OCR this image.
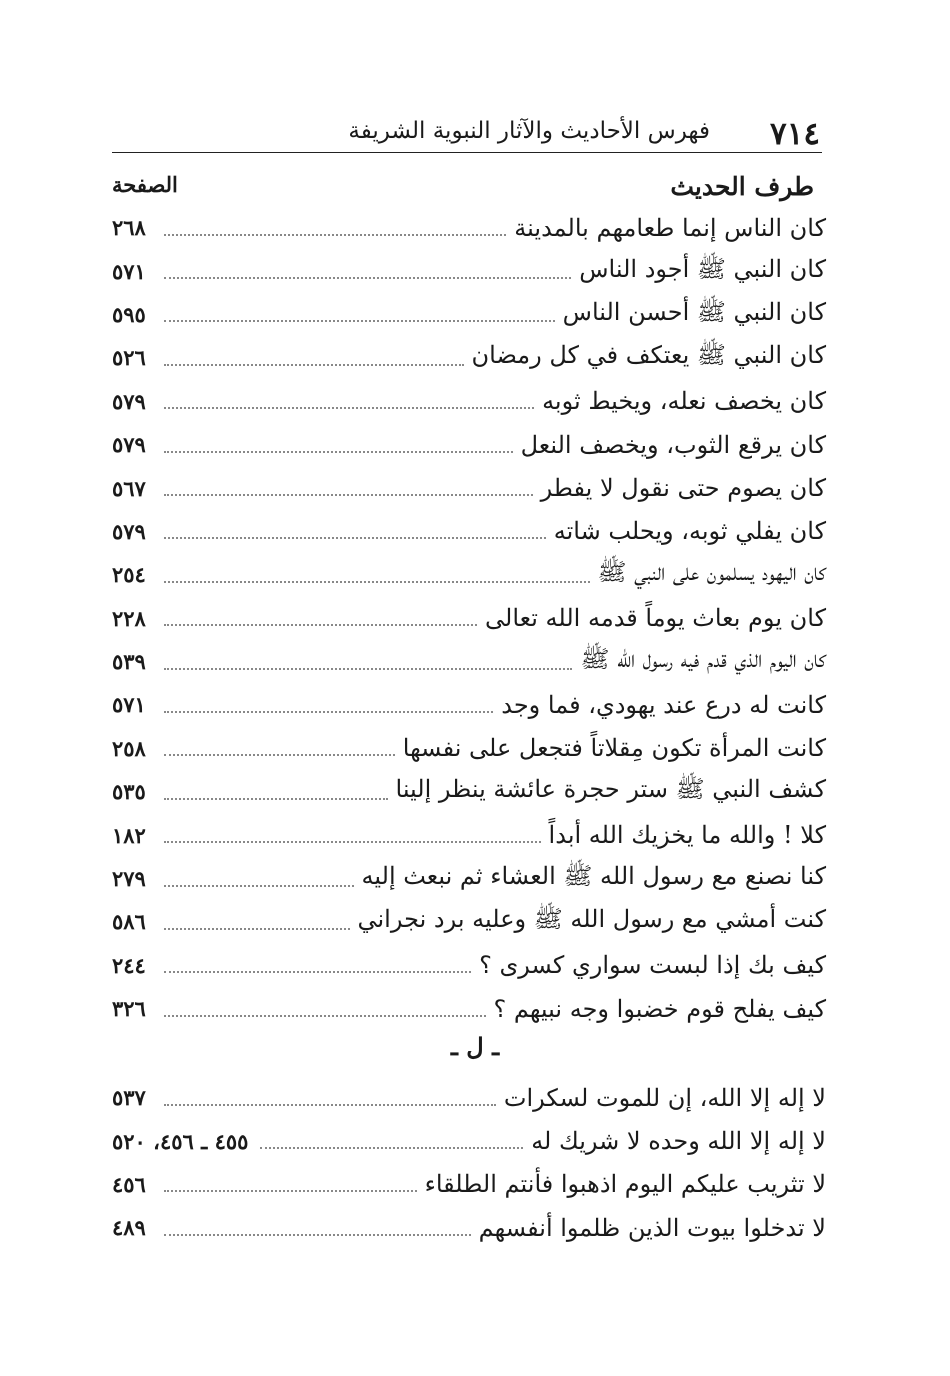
٧١٤
فهرس الأحاديث والآثار النبوية الشريفة
طرف الحديث
الصفحة
كان الناس إنما طعامهم بالمدينة
٢٦٨
كان النبي ﷺ أجود الناس
٥٧١
كان النبي ﷺ أحسن الناس
٥٩٥
كان النبي ﷺ يعتكف في كل رمضان
٥٢٦
كان يخصف نعله، ويخيط ثوبه
٥٧٩
كان يرقع الثوب، ويخصف النعل
٥٧٩
كان يصوم حتى نقول لا يفطر
٥٦٧
كان يفلي ثوبه، ويحلب شاته
٥٧٩
كان اليهود يسلمون على النبي ﷺ
٢٥٤
كان يوم بعاث يوماً قدمه الله تعالى
٢٢٨
كان اليوم الذي قدم فيه رسول الله ﷺ
٥٣٩
كانت له درع عند يهودي، فما وجد
٥٧١
كانت المرأة تكون مِقلاتاً فتجعل على نفسها
٢٥٨
كشف النبي ﷺ ستر حجرة عائشة ينظر إلينا
٥٣٥
كلا ! والله ما يخزيك الله أبداً
١٨٢
كنا نصنع مع رسول الله ﷺ العشاء ثم نبعث إليه
٢٧٩
كنت أمشي مع رسول الله ﷺ وعليه برد نجراني
٥٨٦
كيف بك إذا لبست سواري كسرى ؟
٢٤٤
كيف يفلح قوم خضبوا وجه نبيهم ؟
٣٢٦
ـ ل ـ
لا إله إلا الله، إن للموت لسكرات
٥٣٧
لا إله إلا الله وحده لا شريك له
٤٥٥ ـ ٤٥٦، ٥٢٠
لا تثريب عليكم اليوم اذهبوا فأنتم الطلقاء
٤٥٦
لا تدخلوا بيوت الذين ظلموا أنفسهم
٤٨٩
